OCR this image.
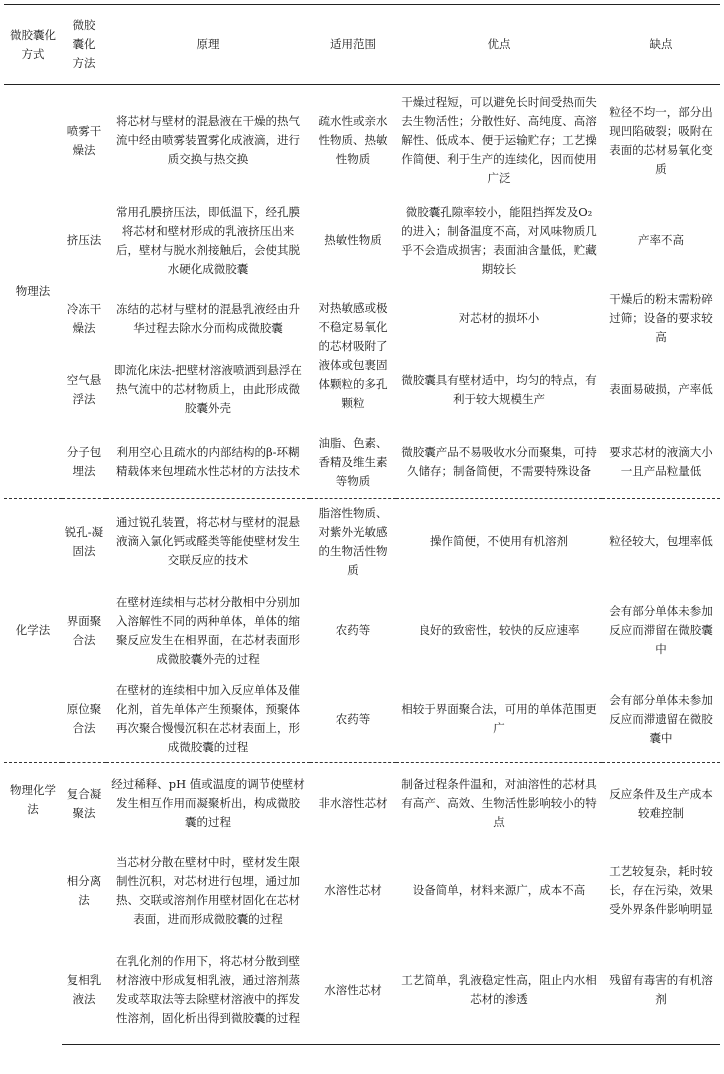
微胶囊化方式	微胶囊化方法	原理	适用范围	优点	缺点
物理法	喷雾干燥法	将芯材与壁材的混悬液在干燥的热气流中经由喷雾装置雾化成液滴，进行质交换与热交换	疏水性或亲水性物质、热敏性物质	干燥过程短，可以避免长时间受热而失去生物活性；分散性好、高纯度、高溶解性、低成本、便于运输贮存；工艺操作简便、利于生产的连续化，因而使用广泛	粒径不均一，部分出现凹陷破裂；吸附在表面的芯材易氧化变质
	挤压法	常用孔膜挤压法，即低温下，经孔膜将芯材和壁材形成的乳液挤压出来后，壁材与脱水剂接触后，会使其脱水硬化成微胶囊	热敏性物质	微胶囊孔隙率较小，能阻挡挥发及O₂的进入；制备温度不高，对风味物质几乎不会造成损害；表面油含量低，贮藏期较长	产率不高
	冷冻干燥法	冻结的芯材与壁材的混悬乳液经由升华过程去除水分而构成微胶囊	对热敏感或极不稳定易氧化的芯材吸附了液体或包裹固体颗粒的多孔颗粒	对芯材的损坏小	干燥后的粉末需粉碎过筛；设备的要求较高
	空气悬浮法	即流化床法-把壁材溶液喷洒到悬浮在热气流中的芯材物质上，由此形成微胶囊外壳		微胶囊具有壁材适中，均匀的特点，有利于较大规模生产	表面易破损，产率低
	分子包埋法	利用空心且疏水的内部结构的β-环糊精载体来包埋疏水性芯材的方法技术	油脂、色素、香精及维生素等物质	微胶囊产品不易吸收水分而聚集，可持久储存；制备简便，不需要特殊设备	要求芯材的液滴大小一且产品粒量低
化学法	锐孔-凝固法	通过锐孔装置，将芯材与壁材的混悬液滴入氯化钙或醛类等能使壁材发生交联反应的技术	脂溶性物质、对紫外光敏感的生物活性物质	操作简便，不使用有机溶剂	粒径较大，包埋率低
	界面聚合法	在壁材连续相与芯材分散相中分别加入溶解性不同的两种单体，单体的缩聚反应发生在相界面，在芯材表面形成微胶囊外壳的过程	农药等	良好的致密性，较快的反应速率	会有部分单体未参加反应而滞留在微胶囊中
	原位聚合法	在壁材的连续相中加入反应单体及催化剂，首先单体产生预聚体，预聚体再次聚合慢慢沉积在芯材表面上，形成微胶囊的过程	农药等	相较于界面聚合法，可用的单体范围更广	会有部分单体未参加反应而滞遗留在微胶囊中
物理化学法	复合凝聚法	经过稀释、pH 值或温度的调节使壁材发生相互作用而凝聚析出，构成微胶囊的过程	非水溶性芯材	制备过程条件温和，对油溶性的芯材具有高产、高效、生物活性影响较小的特点	反应条件及生产成本较难控制
	相分离法	当芯材分散在壁材中时，壁材发生限制性沉积，对芯材进行包埋，通过加热、交联或溶剂作用壁材固化在芯材表面，进而形成微胶囊的过程	水溶性芯材	设备简单，材料来源广，成本不高	工艺较复杂，耗时较长，存在污染，效果受外界条件影响明显
	复相乳液法	在乳化剂的作用下，将芯材分散到壁材溶液中形成复相乳液，通过溶剂蒸发或萃取法等去除壁材溶液中的挥发性溶剂，固化析出得到微胶囊的过程	水溶性芯材	工艺简单，乳液稳定性高，阻止内水相芯材的渗透	残留有毒害的有机溶剂
